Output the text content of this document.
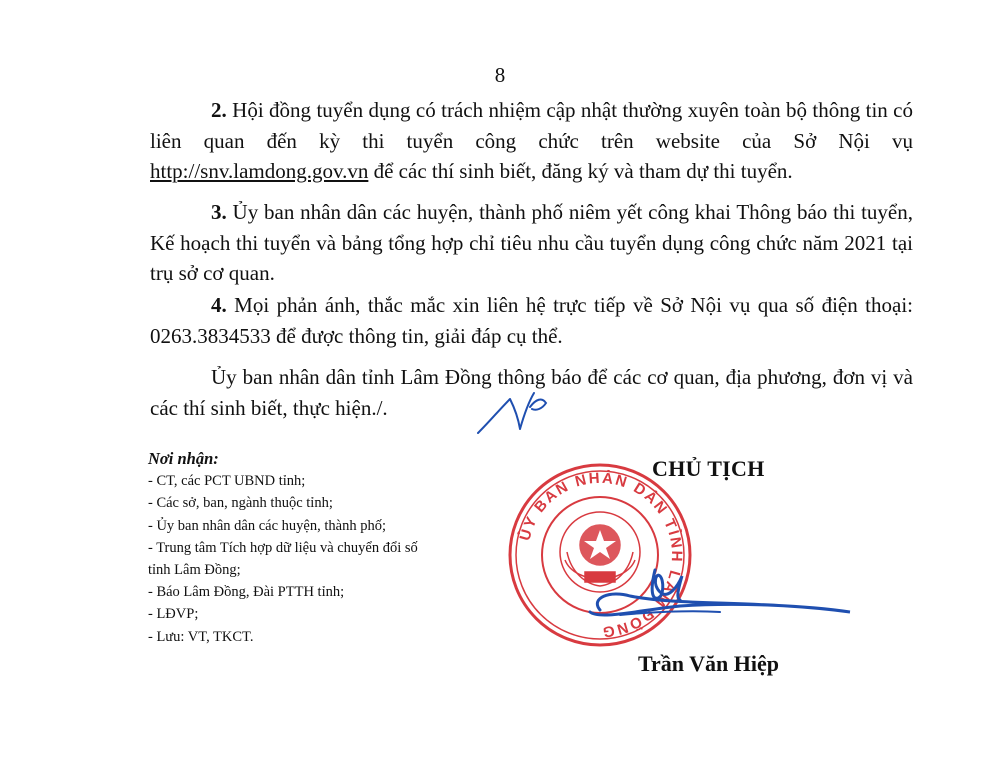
8
2. Hội đồng tuyển dụng có trách nhiệm cập nhật thường xuyên toàn bộ thông tin có liên quan đến kỳ thi tuyển công chức trên website của Sở Nội vụ http://snv.lamdong.gov.vn để các thí sinh biết, đăng ký và tham dự thi tuyển.
3. Ủy ban nhân dân các huyện, thành phố niêm yết công khai Thông báo thi tuyển, Kế hoạch thi tuyển và bảng tổng hợp chỉ tiêu nhu cầu tuyển dụng công chức năm 2021 tại trụ sở cơ quan.
4. Mọi phản ánh, thắc mắc xin liên hệ trực tiếp về Sở Nội vụ qua số điện thoại: 0263.3834533 để được thông tin, giải đáp cụ thể.
Ủy ban nhân dân tỉnh Lâm Đồng thông báo để các cơ quan, địa phương, đơn vị và các thí sinh biết, thực hiện./.
Nơi nhận:
- CT, các PCT UBND tỉnh;
- Các sở, ban, ngành thuộc tỉnh;
- Ủy ban nhân dân các huyện, thành phố;
- Trung tâm Tích hợp dữ liệu và chuyển đổi số
tỉnh Lâm Đồng;
- Báo Lâm Đồng, Đài PTTH tỉnh;
- LĐVP;
- Lưu: VT, TKCT.
ỦY BAN NHÂN DÂN TỈNH LÂM ĐỒNG
CHỦ TỊCH
Trần Văn Hiệp
